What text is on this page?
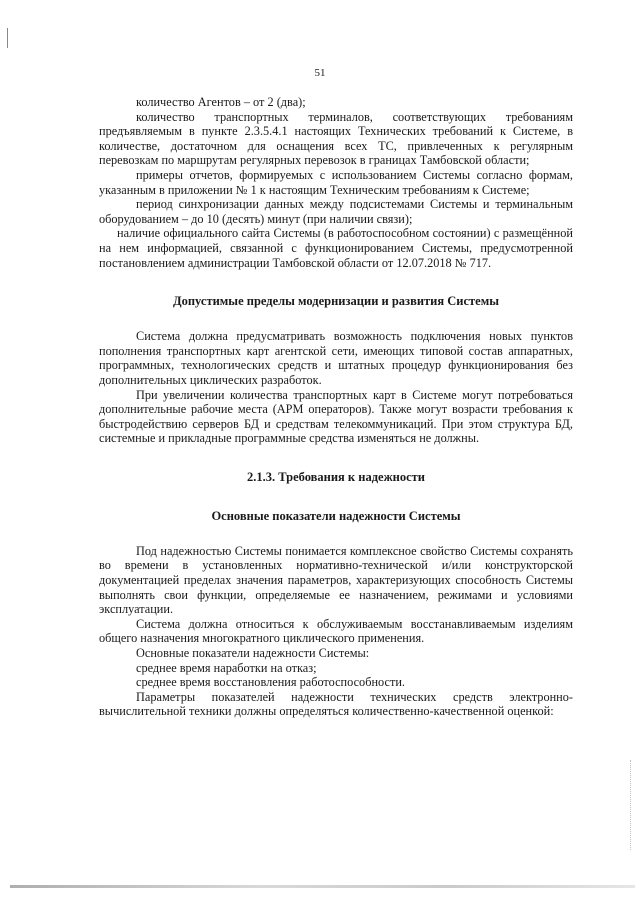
51

количество Агентов – от 2 (два);

количество транспортных терминалов, соответствующих требованиям предъявляемым в пункте 2.3.5.4.1 настоящих Технических требований к Системе, в количестве, достаточном для оснащения всех ТС, привлеченных к регулярным перевозкам по маршрутам регулярных перевозок в границах Тамбовской области;

примеры отчетов, формируемых с использованием Системы согласно формам, указанным в приложении № 1 к настоящим Техническим требованиям к Системе;

период синхронизации данных между подсистемами Системы и терминальным оборудованием – до 10 (десять) минут (при наличии связи);

наличие официального сайта Системы (в работоспособном состоянии) с размещённой на нем информацией, связанной с функционированием Системы, предусмотренной постановлением администрации Тамбовской области от 12.07.2018 № 717.

Допустимые пределы модернизации и развития Системы

Система должна предусматривать возможность подключения новых пунктов пополнения транспортных карт агентской сети, имеющих типовой состав аппаратных, программных, технологических средств и штатных процедур функционирования без дополнительных циклических разработок.

При увеличении количества транспортных карт в Системе могут потребоваться дополнительные рабочие места (АРМ операторов). Также могут возрасти требования к быстродействию серверов БД и средствам телекоммуникаций. При этом структура БД, системные и прикладные программные средства изменяться не должны.

2.1.3. Требования к надежности

Основные показатели надежности Системы

Под надежностью Системы понимается комплексное свойство Системы сохранять во времени в установленных нормативно-технической и/или конструкторской документацией пределах значения параметров, характеризующих способность Системы выполнять свои функции, определяемые ее назначением, режимами и условиями эксплуатации.

Система должна относиться к обслуживаемым восстанавливаемым изделиям общего назначения многократного циклического применения.

Основные показатели надежности Системы:

среднее время наработки на отказ;

среднее время восстановления работоспособности.

Параметры показателей надежности технических средств электронно-вычислительной техники должны определяться количественно-качественной оценкой:
